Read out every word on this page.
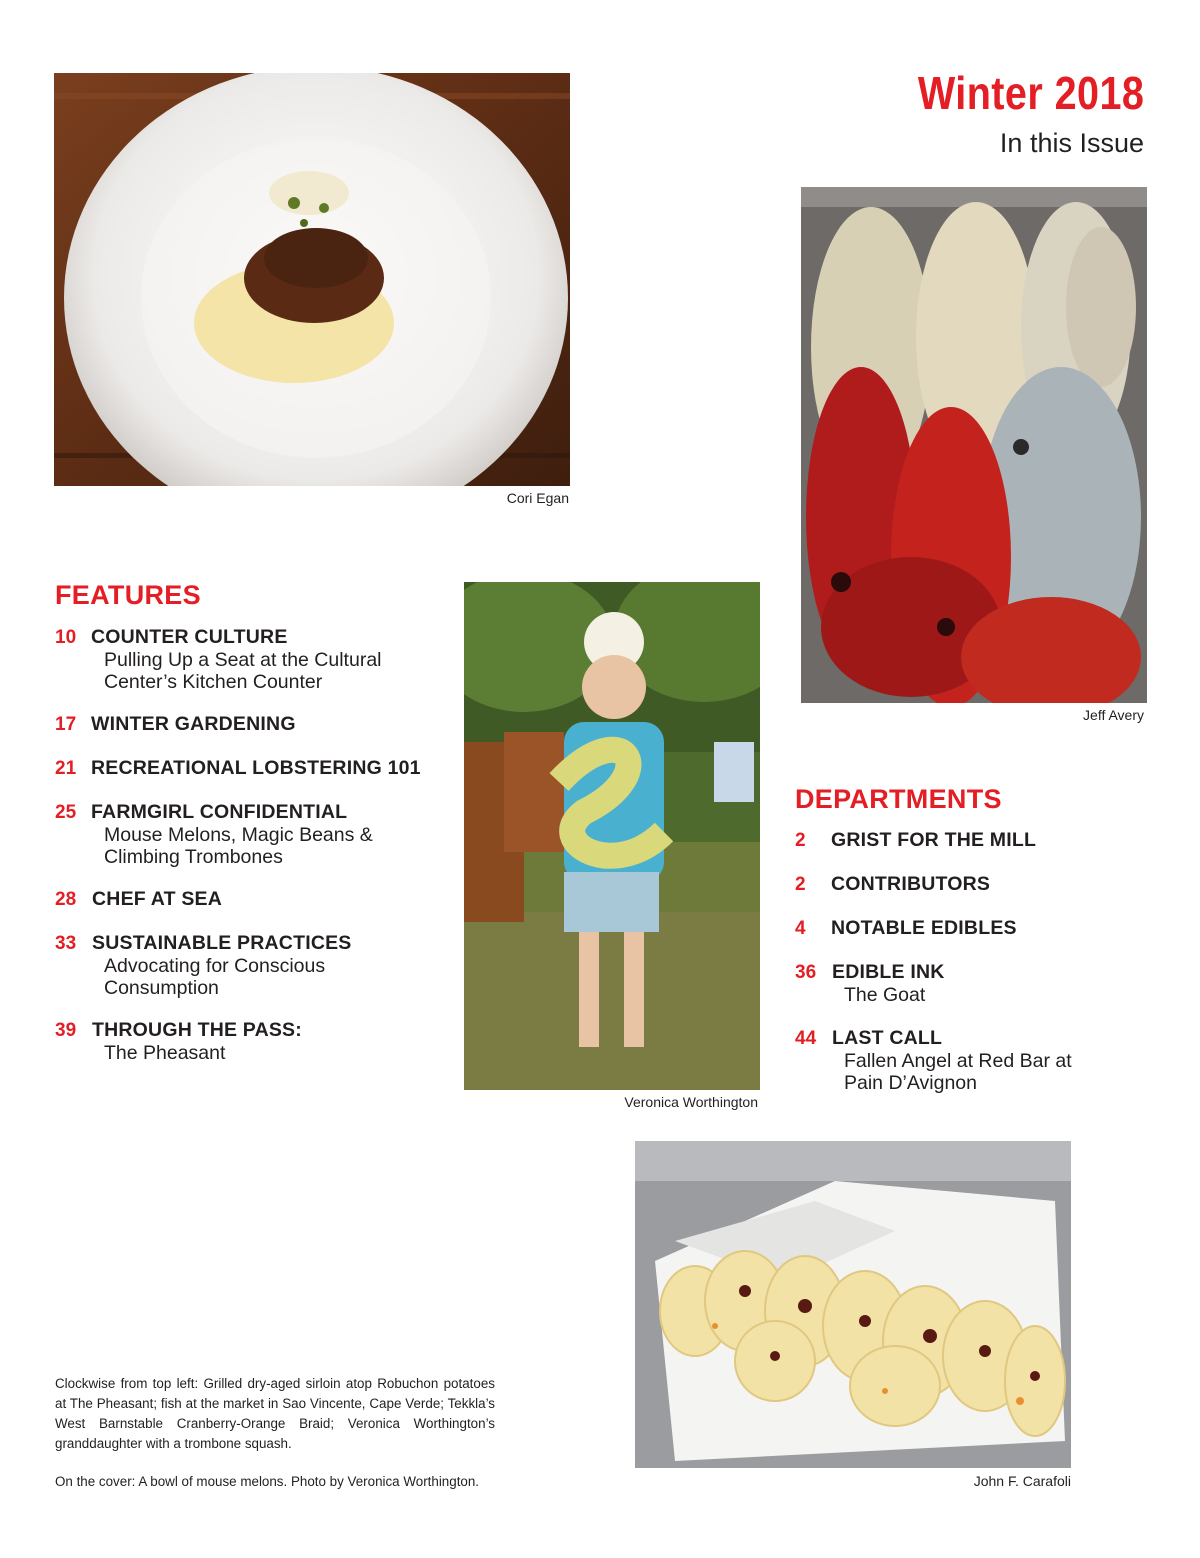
Winter 2018
In this Issue
Cori Egan
Jeff Avery
FEATURES
10 COUNTER CULTURE
Pulling Up a Seat at the Cultural
Center’s Kitchen Counter
17 WINTER GARDENING
21 RECREATIONAL LOBSTERING 101
25 FARMGIRL CONFIDENTIAL
Mouse Melons, Magic Beans &
Climbing Trombones
28 CHEF AT SEA
33 SUSTAINABLE PRACTICES
Advocating for Conscious
Consumption
39 THROUGH THE PASS:
The Pheasant
Veronica Worthington
DEPARTMENTS
2	GRIST FOR THE MILL
2	CONTRIBUTORS
4	NOTABLE EDIBLES
36 EDIBLE INK
The Goat
44 LAST CALL
Fallen Angel at Red Bar at
Pain D’Avignon
John F. Carafoli
Clockwise from top left: Grilled dry-aged sirloin atop Robuchon potatoes at The Pheasant; fish at the market in Sao Vincente, Cape Verde; Tekkla’s West Barnstable Cranberry-Orange Braid; Veronica Worthington’s granddaughter with a trombone squash.
On the cover: A bowl of mouse melons. Photo by Veronica Worthington.
